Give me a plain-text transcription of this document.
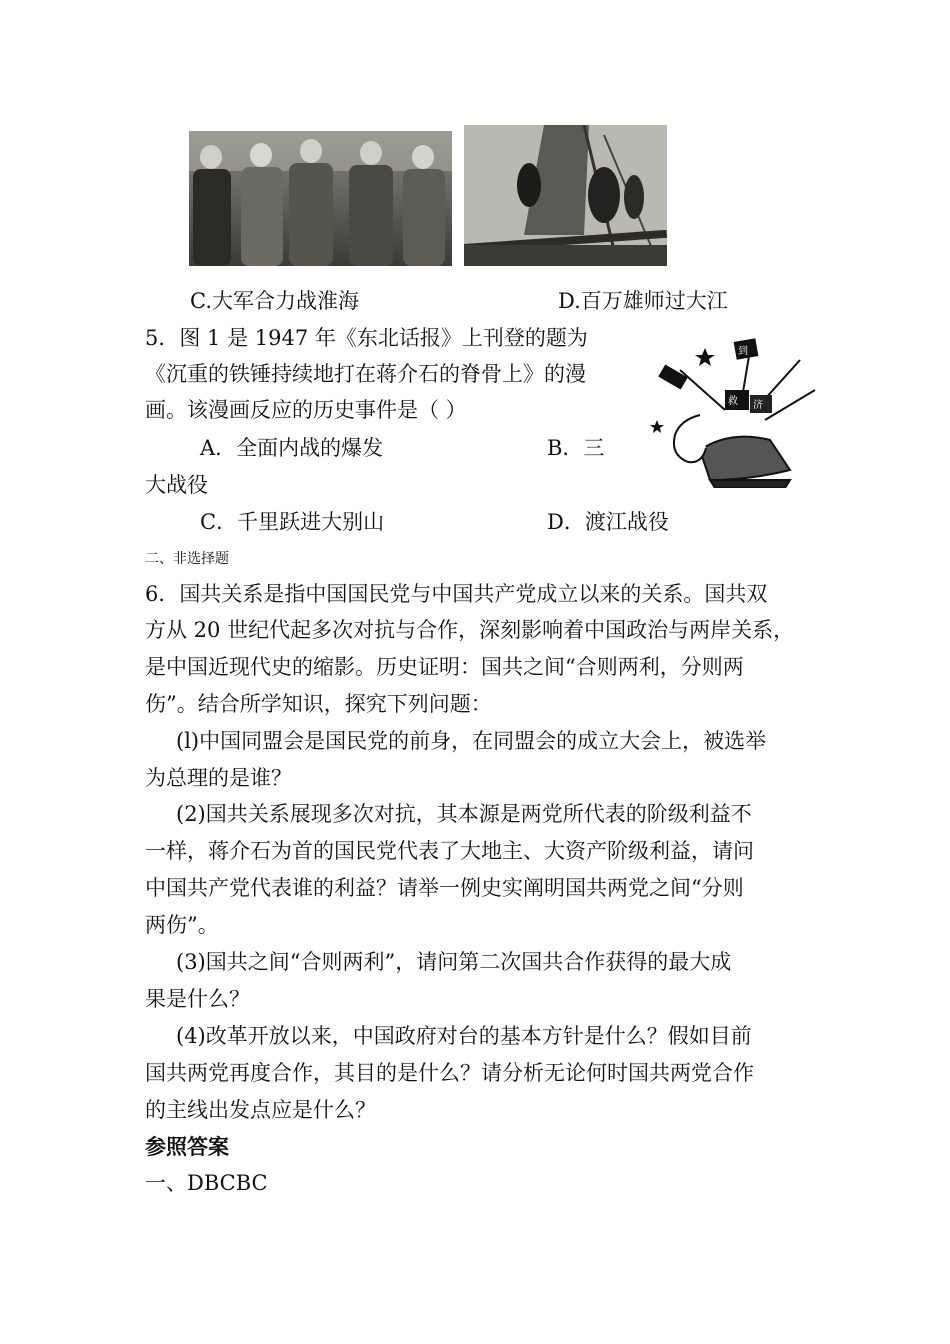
C.大军合力战淮海	D.百万雄师过大江
5．图 1 是 1947 年《东北话报》上刊登的题为
《沉重的铁锤持续地打在蒋介石的脊骨上》的漫
画。该漫画反应的历史事件是（ ）
A．全面内战的爆发	B．三
大战役
C．千里跃进大别山	D．渡江战役
到
救 济
二、非选择题
6．国共关系是指中国国民党与中国共产党成立以来的关系。国共双
方从 20 世纪代起多次对抗与合作，深刻影响着中国政治与两岸关系，
是中国近现代史的缩影。历史证明：国共之间“合则两利，分则两
伤”。结合所学知识，探究下列问题：
(l)中国同盟会是国民党的前身，在同盟会的成立大会上，被选举
为总理的是谁？
(2)国共关系展现多次对抗，其本源是两党所代表的阶级利益不
一样，蒋介石为首的国民党代表了大地主、大资产阶级利益，请问
中国共产党代表谁的利益？请举一例史实阐明国共两党之间“分则
两伤”。
(3)国共之间“合则两利”，请问第二次国共合作获得的最大成
果是什么？
(4)改革开放以来，中国政府对台的基本方针是什么？假如目前
国共两党再度合作，其目的是什么？请分析无论何时国共两党合作
的主线出发点应是什么？
参照答案
一、DBCBC
